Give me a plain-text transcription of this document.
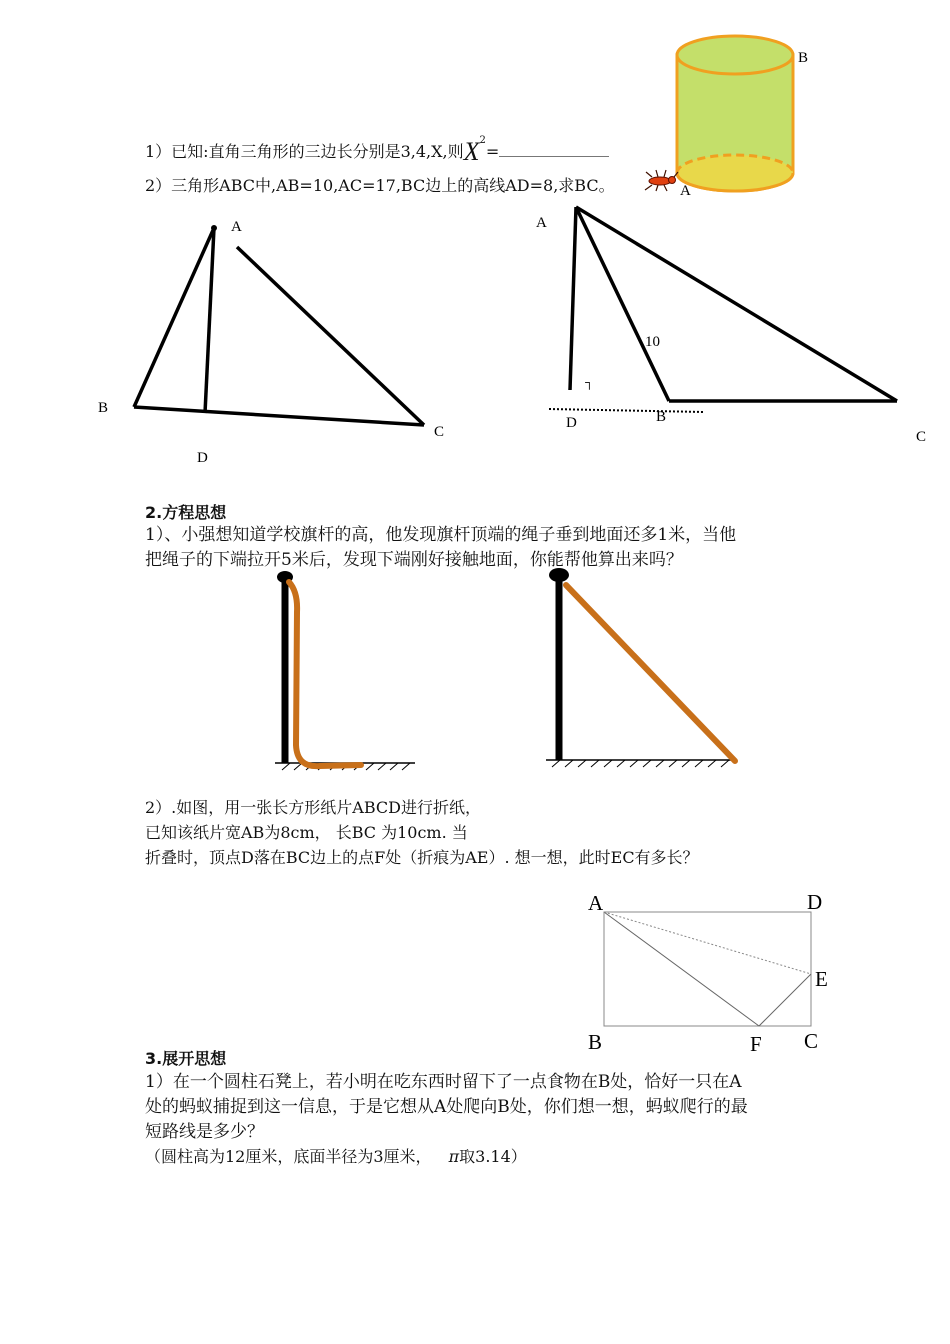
B
A
A
B
C
D
A
B
C
D
10
┐
A	D
E
B	F C
1）已知:直角三角形的三边长分别是3,4,X,则$X^2=$
2）三角形ABC中,AB=10,AC=17,BC边上的高线AD=8,求BC。
2.方程思想
1）、小强想知道学校旗杆的高，他发现旗杆顶端的绳子垂到地面还多1米，当他
把绳子的下端拉开5米后，发现下端刚好接触地面，你能帮他算出来吗？
2）.如图，用一张长方形纸片ABCD进行折纸，
已知该纸片宽AB为8cm， 长BC 为10cm. 当
折叠时，顶点D落在BC边上的点F处（折痕为AE）. 想一想，此时EC有多长？
3.展开思想
1）在一个圆柱石凳上，若小明在吃东西时留下了一点食物在B处，恰好一只在A
处的蚂蚁捕捉到这一信息，于是它想从A处爬向B处，你们想一想，蚂蚁爬行的最
短路线是多少？
（圆柱高为12厘米，底面半径为3厘米， π取3.14）
